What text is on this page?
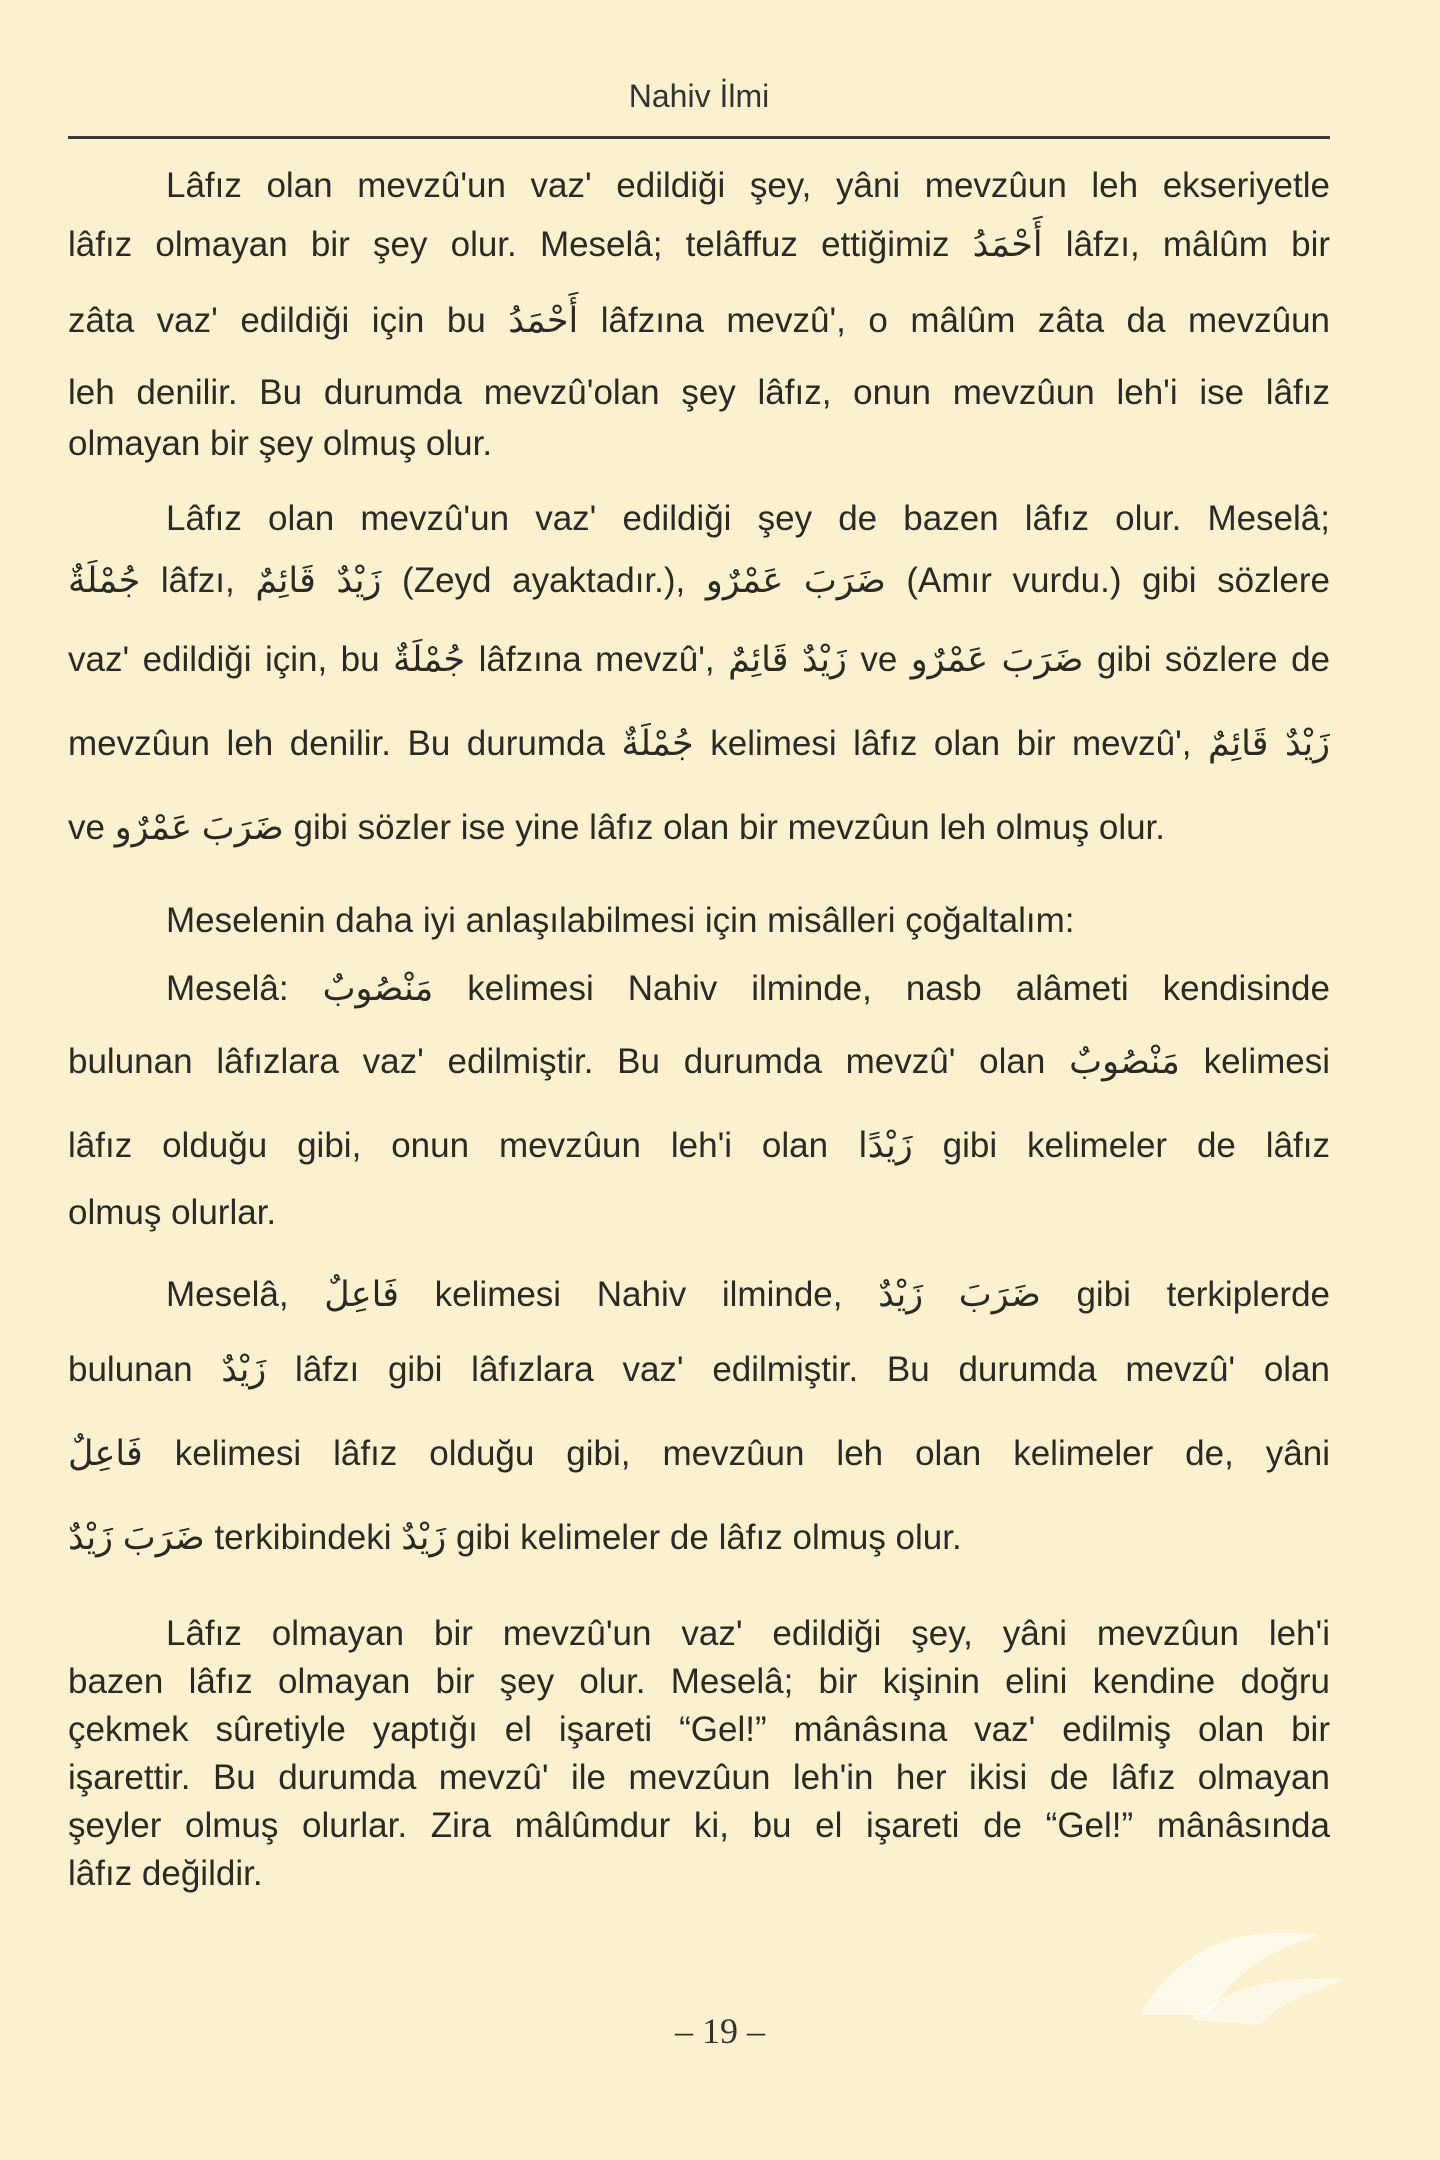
Nahiv İlmi
Lâfız olan mevzû'un vaz' edildiği şey, yâni mevzûun leh ekseriyetle
lâfız olmayan bir şey olur. Meselâ; telâffuz ettiğimiz أَحْمَدُ lâfzı, mâlûm bir
zâta vaz' edildiği için bu أَحْمَدُ lâfzına mevzû', o mâlûm zâta da mevzûun
leh denilir. Bu durumda mevzû'olan şey lâfız, onun mevzûun leh'i ise lâfız
olmayan bir şey olmuş olur.
Lâfız olan mevzû'un vaz' edildiği şey de bazen lâfız olur. Meselâ;
جُمْلَةٌ lâfzı, زَيْدٌ قَائِمٌ (Zeyd ayaktadır.), ضَرَبَ عَمْرٌو (Amır vurdu.) gibi sözlere
vaz' edildiği için, bu جُمْلَةٌ lâfzına mevzû', زَيْدٌ قَائِمٌ ve ضَرَبَ عَمْرٌو gibi sözlere de
mevzûun leh denilir. Bu durumda جُمْلَةٌ kelimesi lâfız olan bir mevzû', زَيْدٌ قَائِمٌ
ve ضَرَبَ عَمْرٌو gibi sözler ise yine lâfız olan bir mevzûun leh olmuş olur.
Meselenin daha iyi anlaşılabilmesi için misâlleri çoğaltalım:
Meselâ: مَنْصُوبٌ kelimesi Nahiv ilminde, nasb alâmeti kendisinde
bulunan lâfızlara vaz' edilmiştir. Bu durumda mevzû' olan مَنْصُوبٌ kelimesi
lâfız olduğu gibi, onun mevzûun leh'i olan زَيْدًا gibi kelimeler de lâfız
olmuş olurlar.
Meselâ, فَاعِلٌ kelimesi Nahiv ilminde, ضَرَبَ زَيْدٌ gibi terkiplerde
bulunan زَيْدٌ lâfzı gibi lâfızlara vaz' edilmiştir. Bu durumda mevzû' olan
فَاعِلٌ kelimesi lâfız olduğu gibi, mevzûun leh olan kelimeler de, yâni
ضَرَبَ زَيْدٌ terkibindeki زَيْدٌ gibi kelimeler de lâfız olmuş olur.
Lâfız olmayan bir mevzû'un vaz' edildiği şey, yâni mevzûun leh'i
bazen lâfız olmayan bir şey olur. Meselâ; bir kişinin elini kendine doğru
çekmek sûretiyle yaptığı el işareti “Gel!” mânâsına vaz' edilmiş olan bir
işarettir. Bu durumda mevzû' ile mevzûun leh'in her ikisi de lâfız olmayan
şeyler olmuş olurlar. Zira mâlûmdur ki, bu el işareti de “Gel!” mânâsında
lâfız değildir.
– 19 –
